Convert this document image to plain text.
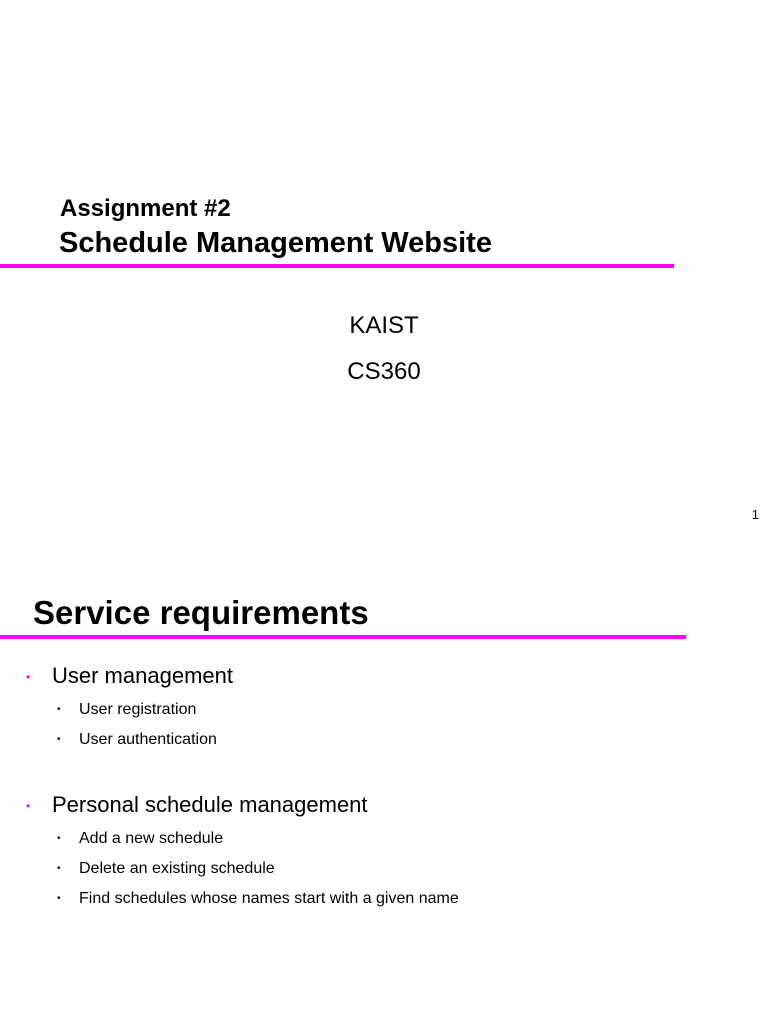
Assignment #2
Schedule Management Website
KAIST
CS360
1
Service requirements
• User management
• User registration
• User authentication
• Personal schedule management
• Add a new schedule
• Delete an existing schedule
• Find schedules whose names start with a given name
